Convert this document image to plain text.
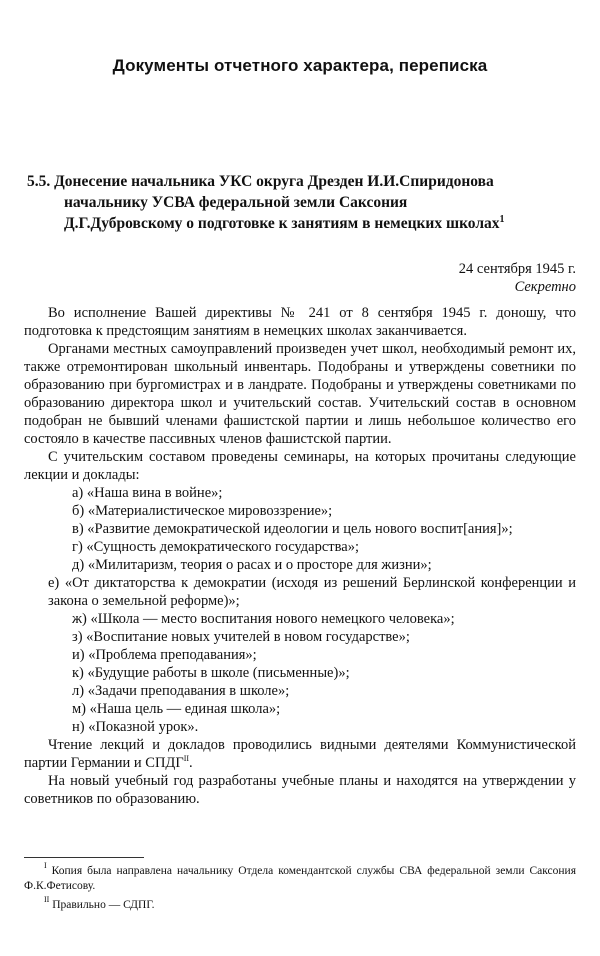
Документы отчетного характера, переписка
5.5. Донесение начальника УКС округа Дрезден И.И.Спиридонова
начальнику УСВА федеральной земли Саксония
Д.Г.Дубровскому о подготовке к занятиям в немецких школах$^1$
24 сентября 1945 г.
Секретно

Во исполнение Вашей директивы № 241 от 8 сентября 1945 г. доношу, что подготовка к предстоящим занятиям в немецких школах заканчивается.

Органами местных самоуправлений произведен учет школ, необходимый ремонт их, также отремонтирован школьный инвентарь. Подобраны и утверждены советники по образованию при бургомистрах и в ландрате. Подобраны и утверждены советниками по образованию директора школ и учительский состав. Учительский состав в основном подобран не бывший членами фашистской партии и лишь небольшое количество его состояло в качестве пассивных членов фашистской партии.

С учительским составом проведены семинары, на которых прочитаны следующие лекции и доклады:

а) «Наша вина в войне»;

б) «Материалистическое мировоззрение»;

в) «Развитие демократической идеологии и цель нового воспит[ания]»;

г) «Сущность демократического государства»;

д) «Милитаризм, теория о расах и о просторе для жизни»;

е) «От диктаторства к демократии (исходя из решений Берлинской конференции и закона о земельной реформе)»;

ж) «Школа — место воспитания нового немецкого человека»;

з) «Воспитание новых учителей в новом государстве»;

и) «Проблема преподавания»;

к) «Будущие работы в школе (письменные)»;

л) «Задачи преподавания в школе»;

м) «Наша цель — единая школа»;

н) «Показной урок».

Чтение лекций и докладов проводились видными деятелями Коммунистической партии Германии и $СПДГ^{II}$.

На новый учебный год разработаны учебные планы и находятся на утверждении у советников по образованию.

$^I$ Копия была направлена начальнику Отдела комендантской службы СВА федеральной земли Саксония Ф.К.Фетисову.

$^{II}$ Правильно — СДПГ.
